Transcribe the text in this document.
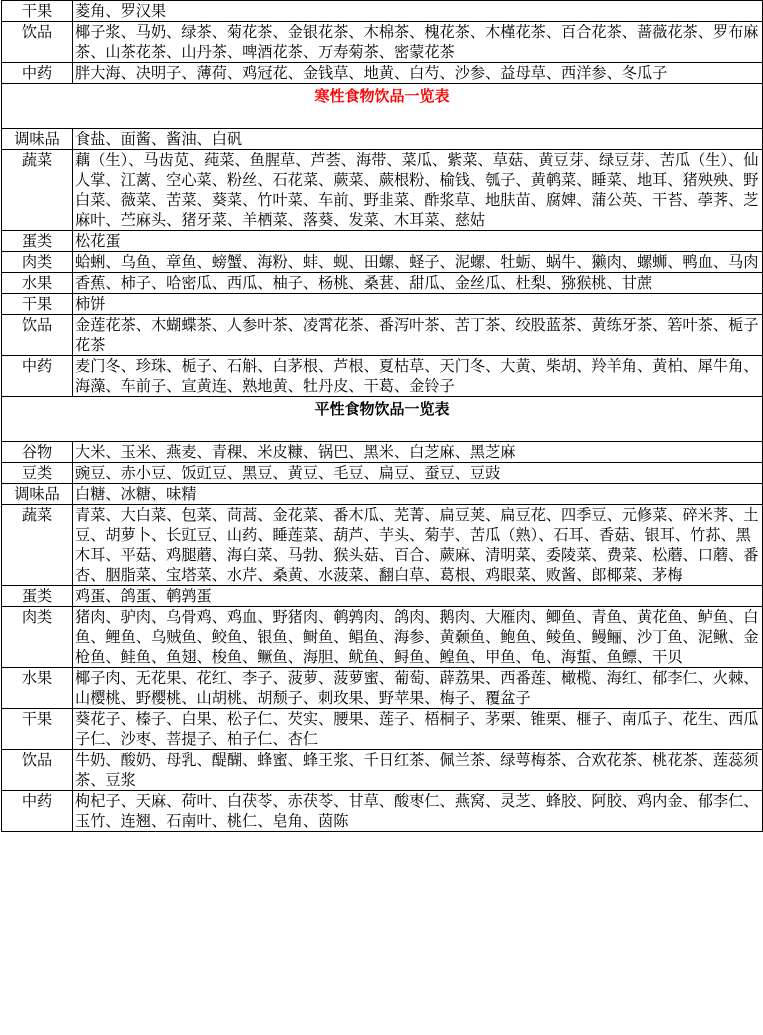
干果	菱角、罗汉果
饮品	椰子浆、马奶、绿茶、菊花茶、金银花茶、木棉茶、槐花茶、木槿花茶、百合花茶、蔷薇花茶、罗布麻茶、山茶花茶、山丹茶、啤酒花茶、万寿菊茶、密蒙花茶
中药	胖大海、决明子、薄荷、鸡冠花、金钱草、地黄、白芍、沙参、益母草、西洋参、冬瓜子
寒性食物饮品一览表	
调味品	食盐、面酱、酱油、白矾
蔬菜	藕（生）、马齿苋、莼菜、鱼腥草、芦荟、海带、菜瓜、紫菜、草菇、黄豆芽、绿豆芽、苦瓜（生）、仙人掌、江蓠、空心菜、粉丝、石花菜、蕨菜、蕨根粉、榆钱、瓠子、黄鹌菜、睡菜、地耳、猪殃殃、野白菜、薇菜、苦菜、葵菜、竹叶菜、车前、野韭菜、酢浆草、地肤苗、腐婢、蒲公英、干苔、荸荠、芝麻叶、苎麻头、猪牙菜、羊栖菜、落葵、发菜、木耳菜、慈姑
蛋类	松花蛋
肉类	蛤蜊、乌鱼、章鱼、螃蟹、海粉、蚌、蚬、田螺、蛏子、泥螺、牡蛎、蜗牛、獭肉、螺蛳、鸭血、马肉
水果	香蕉、柿子、哈密瓜、西瓜、柚子、杨桃、桑葚、甜瓜、金丝瓜、杜梨、猕猴桃、甘蔗
干果	柿饼
饮品	金莲花茶、木蝴蝶茶、人参叶茶、凌霄花茶、番泻叶茶、苦丁茶、绞股蓝茶、黄练牙茶、箬叶茶、栀子花茶
中药	麦门冬、珍珠、栀子、石斛、白茅根、芦根、夏枯草、天门冬、大黄、柴胡、羚羊角、黄柏、犀牛角、海藻、车前子、宣黄连、熟地黄、牡丹皮、干葛、金铃子
平性食物饮品一览表	
谷物	大米、玉米、燕麦、青稞、米皮糠、锅巴、黑米、白芝麻、黑芝麻
豆类	豌豆、赤小豆、饭豇豆、黑豆、黄豆、毛豆、扁豆、蚕豆、豆豉
调味品	白糖、冰糖、味精
蔬菜	青菜、大白菜、包菜、茼蒿、金花菜、番木瓜、芜菁、扁豆荚、扁豆花、四季豆、元修菜、碎米荠、土豆、胡萝卜、长豇豆、山药、睡莲菜、葫芦、芋头、菊芋、苦瓜（熟）、石耳、香菇、银耳、竹荪、黑木耳、平菇、鸡腿蘑、海白菜、马勃、猴头菇、百合、蕨麻、清明菜、委陵菜、费菜、松蘑、口蘑、番杏、胭脂菜、宝塔菜、水芹、桑黄、水菠菜、翻白草、葛根、鸡眼菜、败酱、郎椰菜、茅梅
蛋类	鸡蛋、鸽蛋、鹌鹑蛋
肉类	猪肉、驴肉、乌骨鸡、鸡血、野猪肉、鹌鹑肉、鸽肉、鹅肉、大雁肉、鲫鱼、青鱼、黄花鱼、鲈鱼、白鱼、鲤鱼、乌贼鱼、鲛鱼、银鱼、鲥鱼、鲳鱼、海参、黄颡鱼、鲍鱼、鲮鱼、鳗鲡、沙丁鱼、泥鳅、金枪鱼、鲑鱼、鱼翅、梭鱼、鳜鱼、海胆、鱿鱼、鲟鱼、鳇鱼、甲鱼、龟、海蜇、鱼鳔、干贝
水果	椰子肉、无花果、花红、李子、菠萝、菠萝蜜、葡萄、薜荔果、西番莲、橄榄、海红、郁李仁、火棘、山樱桃、野樱桃、山胡桃、胡颓子、刺玫果、野苹果、梅子、覆盆子
干果	葵花子、榛子、白果、松子仁、芡实、腰果、莲子、梧桐子、茅栗、锥栗、榧子、南瓜子、花生、西瓜子仁、沙枣、菩提子、柏子仁、杏仁
饮品	牛奶、酸奶、母乳、醍醐、蜂蜜、蜂王浆、千日红茶、佩兰茶、绿萼梅茶、合欢花茶、桃花茶、莲蕊须茶、豆浆
中药	枸杞子、天麻、荷叶、白茯苓、赤茯苓、甘草、酸枣仁、燕窝、灵芝、蜂胶、阿胶、鸡内金、郁李仁、玉竹、连翘、石南叶、桃仁、皂角、茵陈
